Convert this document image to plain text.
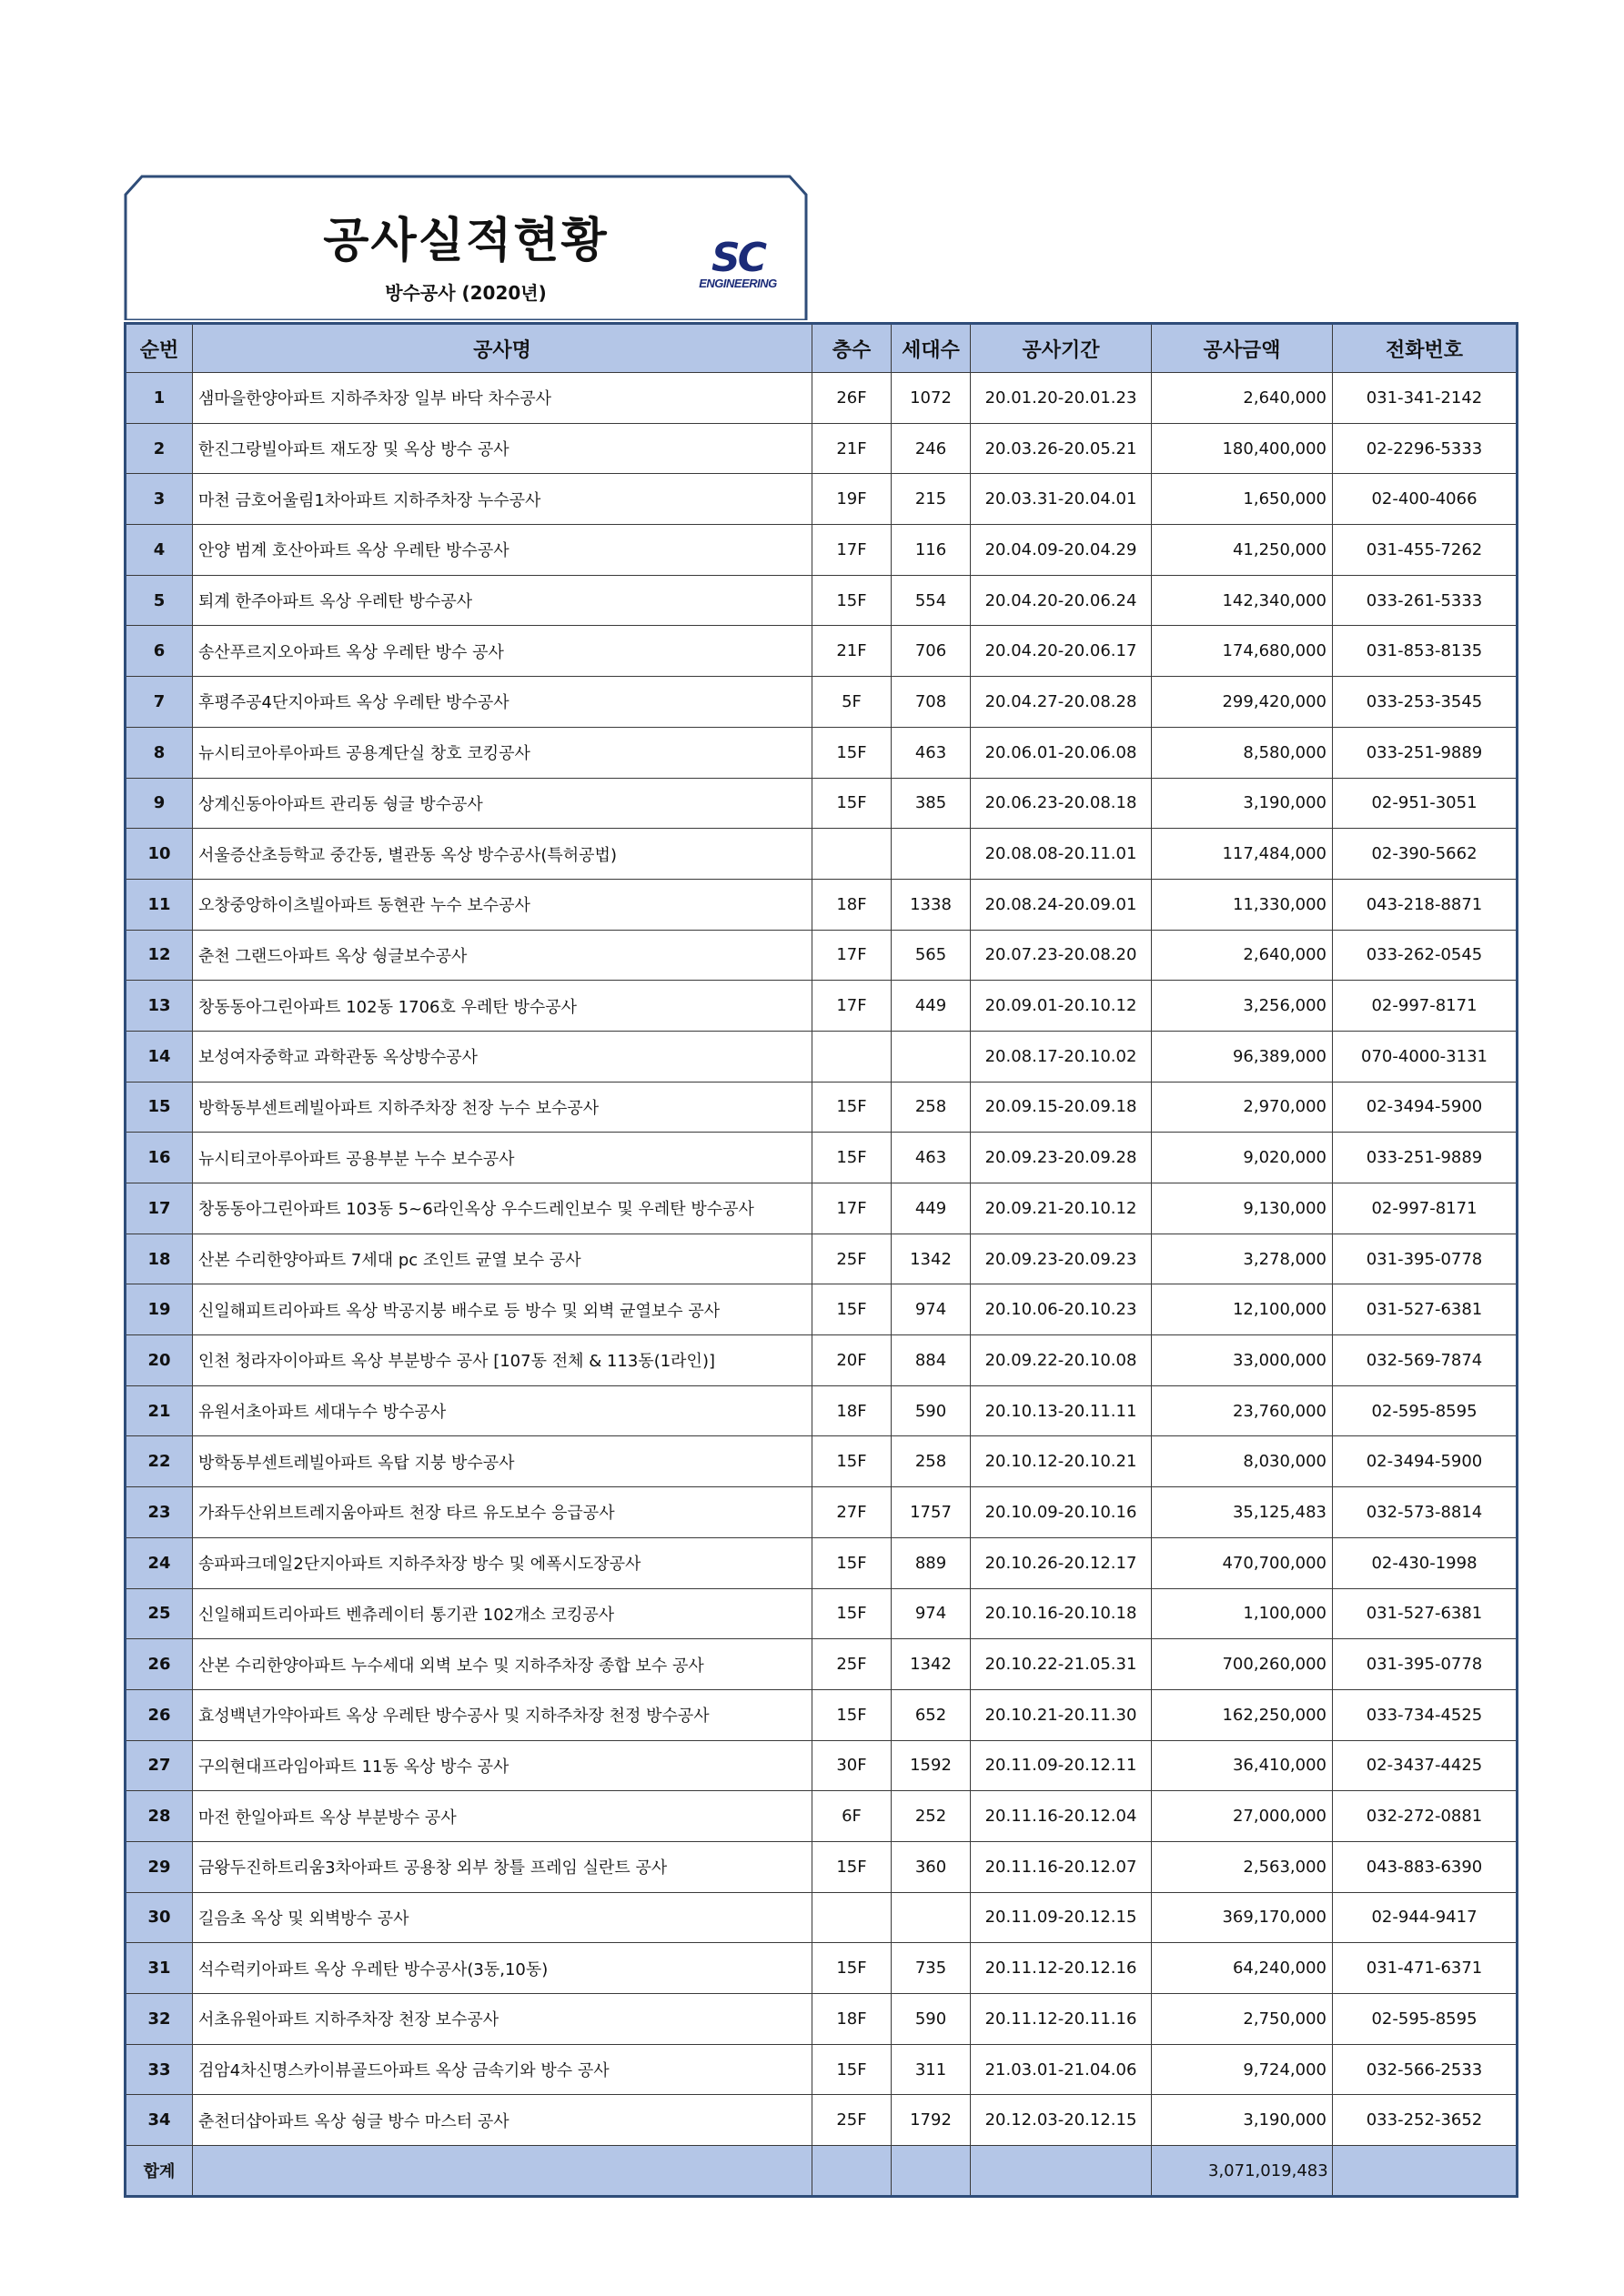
공사실적현황
방수공사 (2020년)
SC
ENGINEERING
순번	공사명	층수	세대수	공사기간	공사금액	전화번호
1	샘마을한양아파트 지하주차장 일부 바닥 차수공사	26F	1072	20.01.20-20.01.23	2,640,000	031-341-2142
2	한진그랑빌아파트 재도장 및 옥상 방수 공사	21F	246	20.03.26-20.05.21	180,400,000	02-2296-5333
3	마천 금호어울림1차아파트 지하주차장 누수공사	19F	215	20.03.31-20.04.01	1,650,000	02-400-4066
4	안양 범계 호산아파트 옥상 우레탄 방수공사	17F	116	20.04.09-20.04.29	41,250,000	031-455-7262
5	퇴계 한주아파트 옥상 우레탄 방수공사	15F	554	20.04.20-20.06.24	142,340,000	033-261-5333
6	송산푸르지오아파트 옥상 우레탄 방수 공사	21F	706	20.04.20-20.06.17	174,680,000	031-853-8135
7	후평주공4단지아파트 옥상 우레탄 방수공사	5F	708	20.04.27-20.08.28	299,420,000	033-253-3545
8	뉴시티코아루아파트 공용계단실 창호 코킹공사	15F	463	20.06.01-20.06.08	8,580,000	033-251-9889
9	상계신동아아파트 관리동 쉉글 방수공사	15F	385	20.06.23-20.08.18	3,190,000	02-951-3051
10	서울증산초등학교 중간동, 별관동 옥상 방수공사(특허공법)			20.08.08-20.11.01	117,484,000	02-390-5662
11	오창중앙하이츠빌아파트 동현관 누수 보수공사	18F	1338	20.08.24-20.09.01	11,330,000	043-218-8871
12	춘천 그랜드아파트 옥상 쉉글보수공사	17F	565	20.07.23-20.08.20	2,640,000	033-262-0545
13	창동동아그린아파트 102동 1706호 우레탄 방수공사	17F	449	20.09.01-20.10.12	3,256,000	02-997-8171
14	보성여자중학교 과학관동 옥상방수공사			20.08.17-20.10.02	96,389,000	070-4000-3131
15	방학동부센트레빌아파트 지하주차장 천장 누수 보수공사	15F	258	20.09.15-20.09.18	2,970,000	02-3494-5900
16	뉴시티코아루아파트 공용부분 누수 보수공사	15F	463	20.09.23-20.09.28	9,020,000	033-251-9889
17	창동동아그린아파트 103동 5~6라인옥상 우수드레인보수 및 우레탄 방수공사	17F	449	20.09.21-20.10.12	9,130,000	02-997-8171
18	산본 수리한양아파트 7세대 pc 조인트 균열 보수 공사	25F	1342	20.09.23-20.09.23	3,278,000	031-395-0778
19	신일해피트리아파트 옥상 박공지붕 배수로 등 방수 및 외벽 균열보수 공사	15F	974	20.10.06-20.10.23	12,100,000	031-527-6381
20	인천 청라자이아파트 옥상 부분방수 공사 [107동 전체 & 113동(1라인)]	20F	884	20.09.22-20.10.08	33,000,000	032-569-7874
21	유원서초아파트 세대누수 방수공사	18F	590	20.10.13-20.11.11	23,760,000	02-595-8595
22	방학동부센트레빌아파트 옥탑 지붕 방수공사	15F	258	20.10.12-20.10.21	8,030,000	02-3494-5900
23	가좌두산위브트레지움아파트 천장 타르 유도보수 응급공사	27F	1757	20.10.09-20.10.16	35,125,483	032-573-8814
24	송파파크데일2단지아파트 지하주차장 방수 및 에폭시도장공사	15F	889	20.10.26-20.12.17	470,700,000	02-430-1998
25	신일해피트리아파트 벤츄레이터 통기관 102개소 코킹공사	15F	974	20.10.16-20.10.18	1,100,000	031-527-6381
26	산본 수리한양아파트 누수세대 외벽 보수 및 지하주차장 종합 보수 공사	25F	1342	20.10.22-21.05.31	700,260,000	031-395-0778
26	효성백년가약아파트 옥상 우레탄 방수공사 및 지하주차장 천정 방수공사	15F	652	20.10.21-20.11.30	162,250,000	033-734-4525
27	구의현대프라임아파트 11동 옥상 방수 공사	30F	1592	20.11.09-20.12.11	36,410,000	02-3437-4425
28	마전 한일아파트 옥상 부분방수 공사	6F	252	20.11.16-20.12.04	27,000,000	032-272-0881
29	금왕두진하트리움3차아파트 공용창 외부 창틀 프레임 실란트 공사	15F	360	20.11.16-20.12.07	2,563,000	043-883-6390
30	길음초 옥상 및 외벽방수 공사			20.11.09-20.12.15	369,170,000	02-944-9417
31	석수럭키아파트 옥상 우레탄 방수공사(3동,10동)	15F	735	20.11.12-20.12.16	64,240,000	031-471-6371
32	서초유원아파트 지하주차장 천장 보수공사	18F	590	20.11.12-20.11.16	2,750,000	02-595-8595
33	검암4차신명스카이뷰골드아파트 옥상 금속기와 방수 공사	15F	311	21.03.01-21.04.06	9,724,000	032-566-2533
34	춘천더샵아파트 옥상 쉉글 방수 마스터 공사	25F	1792	20.12.03-20.12.15	3,190,000	033-252-3652
합계					3,071,019,483	
